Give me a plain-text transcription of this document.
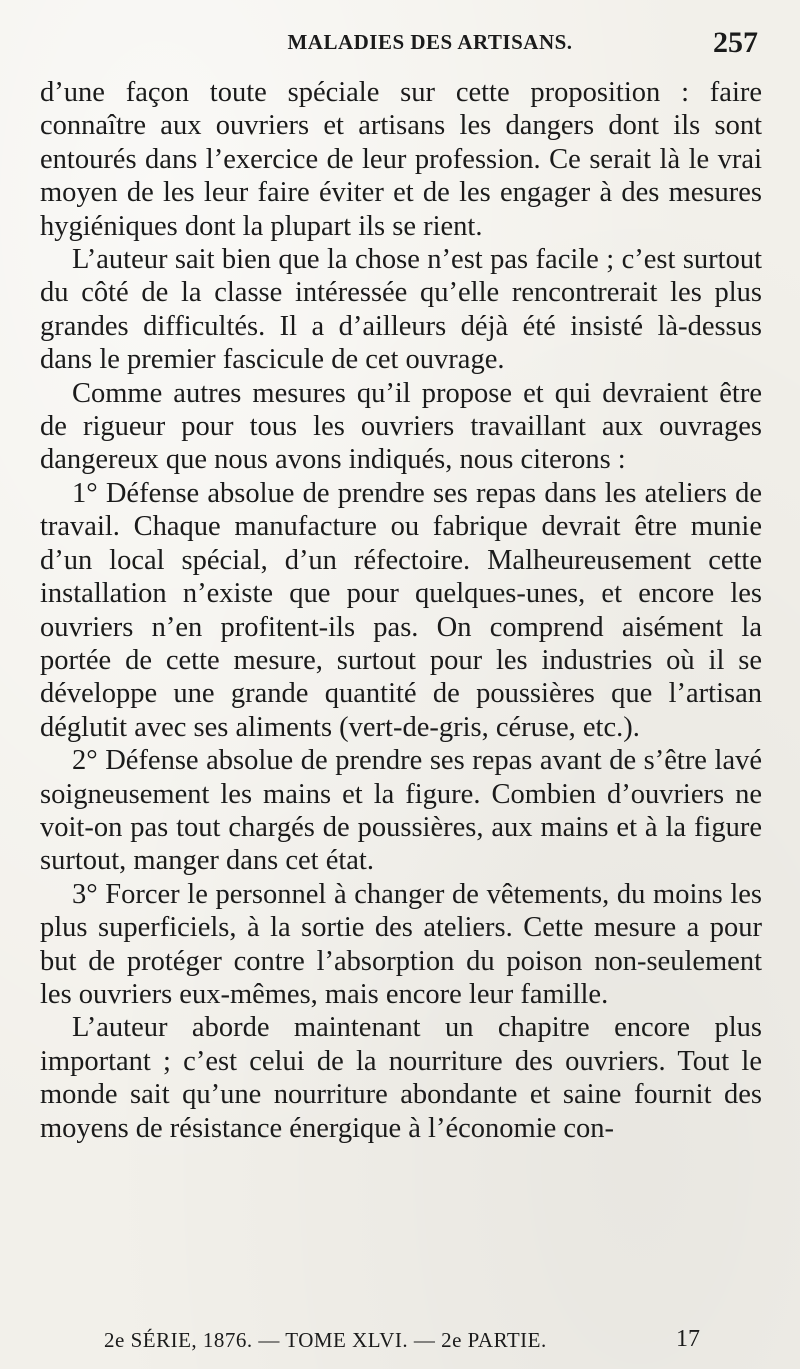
MALADIES DES ARTISANS.	257

d’une façon toute spéciale sur cette proposition : faire connaître aux ouvriers et artisans les dangers dont ils sont entourés dans l’exercice de leur profession. Ce serait là le vrai moyen de les leur faire éviter et de les engager à des mesures hygiéniques dont la plupart ils se rient.

L’auteur sait bien que la chose n’est pas facile ; c’est surtout du côté de la classe intéressée qu’elle rencontrerait les plus grandes difficultés. Il a d’ailleurs déjà été insisté là-dessus dans le premier fascicule de cet ouvrage.

Comme autres mesures qu’il propose et qui devraient être de rigueur pour tous les ouvriers travaillant aux ouvrages dangereux que nous avons indiqués, nous citerons :

1° Défense absolue de prendre ses repas dans les ateliers de travail. Chaque manufacture ou fabrique devrait être munie d’un local spécial, d’un réfectoire. Malheureusement cette installation n’existe que pour quelques-unes, et encore les ouvriers n’en profitent-ils pas. On comprend aisément la portée de cette mesure, surtout pour les industries où il se développe une grande quantité de poussières que l’artisan déglutit avec ses aliments (vert-de-gris, céruse, etc.).

2° Défense absolue de prendre ses repas avant de s’être lavé soigneusement les mains et la figure. Combien d’ouvriers ne voit-on pas tout chargés de poussières, aux mains et à la figure surtout, manger dans cet état.

3° Forcer le personnel à changer de vêtements, du moins les plus superficiels, à la sortie des ateliers. Cette mesure a pour but de protéger contre l’absorption du poison non-seulement les ouvriers eux-mêmes, mais encore leur famille.

L’auteur aborde maintenant un chapitre encore plus important ; c’est celui de la nourriture des ouvriers. Tout le monde sait qu’une nourriture abondante et saine fournit des moyens de résistance énergique à l’économie con-

2e SÉRIE, 1876. — TOME XLVI. — 2e PARTIE.	17
